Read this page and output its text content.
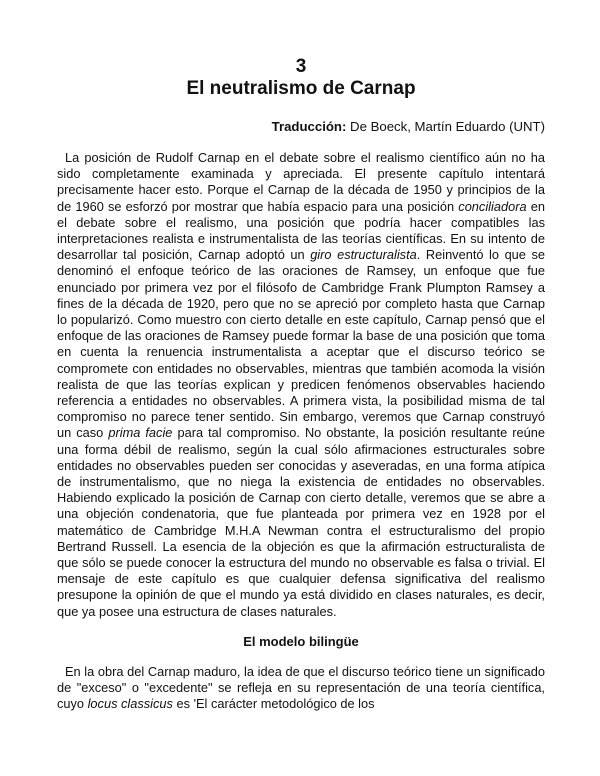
3
El neutralismo de Carnap

Traducción: De Boeck, Martín Eduardo (UNT)

La posición de Rudolf Carnap en el debate sobre el realismo científico aún no ha sido completamente examinada y apreciada. El presente capítulo intentará precisamente hacer esto. Porque el Carnap de la década de 1950 y principios de la de 1960 se esforzó por mostrar que había espacio para una posición conciliadora en el debate sobre el realismo, una posición que podría hacer compatibles las interpretaciones realista e instrumentalista de las teorías científicas. En su intento de desarrollar tal posición, Carnap adoptó un giro estructuralista. Reinventó lo que se denominó el enfoque teórico de las oraciones de Ramsey, un enfoque que fue enunciado por primera vez por el filósofo de Cambridge Frank Plumpton Ramsey a fines de la década de 1920, pero que no se apreció por completo hasta que Carnap lo popularizó. Como muestro con cierto detalle en este capítulo, Carnap pensó que el enfoque de las oraciones de Ramsey puede formar la base de una posición que toma en cuenta la renuencia instrumentalista a aceptar que el discurso teórico se compromete con entidades no observables, mientras que también acomoda la visión realista de que las teorías explican y predicen fenómenos observables haciendo referencia a entidades no observables. A primera vista, la posibilidad misma de tal compromiso no parece tener sentido. Sin embargo, veremos que Carnap construyó un caso prima facie para tal compromiso. No obstante, la posición resultante reúne una forma débil de realismo, según la cual sólo afirmaciones estructurales sobre entidades no observables pueden ser conocidas y aseveradas, en una forma atípica de instrumentalismo, que no niega la existencia de entidades no observables. Habiendo explicado la posición de Carnap con cierto detalle, veremos que se abre a una objeción condenatoria, que fue planteada por primera vez en 1928 por el matemático de Cambridge M.H.A Newman contra el estructuralismo del propio Bertrand Russell. La esencia de la objeción es que la afirmación estructuralista de que sólo se puede conocer la estructura del mundo no observable es falsa o trivial. El mensaje de este capítulo es que cualquier defensa significativa del realismo presupone la opinión de que el mundo ya está dividido en clases naturales, es decir, que ya posee una estructura de clases naturales.

El modelo bilingüe

En la obra del Carnap maduro, la idea de que el discurso teórico tiene un significado de "exceso" o "excedente" se refleja en su representación de una teoría científica, cuyo locus classicus es 'El carácter metodológico de los
